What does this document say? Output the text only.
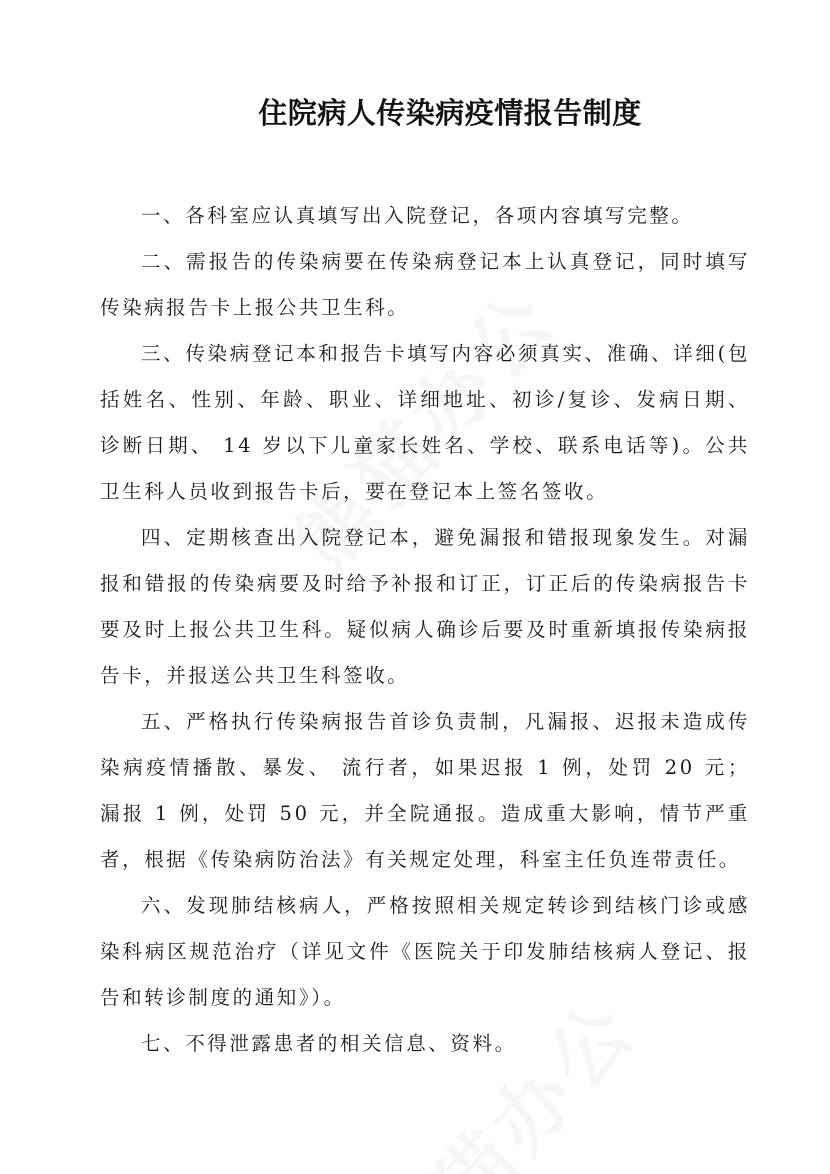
住院病人传染病疫情报告制度

一、各科室应认真填写出入院登记，各项内容填写完整。

二、需报告的传染病要在传染病登记本上认真登记，同时填写传染病报告卡上报公共卫生科。

三、传染病登记本和报告卡填写内容必须真实、准确、详细(包括姓名、性别、年龄、职业、详细地址、初诊/复诊、发病日期、诊断日期、 14 岁以下儿童家长姓名、学校、联系电话等)。公共卫生科人员收到报告卡后，要在登记本上签名签收。

四、定期核查出入院登记本，避免漏报和错报现象发生。对漏报和错报的传染病要及时给予补报和订正，订正后的传染病报告卡要及时上报公共卫生科。疑似病人确诊后要及时重新填报传染病报告卡，并报送公共卫生科签收。

五、严格执行传染病报告首诊负责制，凡漏报、迟报未造成传染病疫情播散、暴发、 流行者，如果迟报 1 例，处罚 20 元； 漏报 1 例，处罚 50 元，并全院通报。造成重大影响，情节严重者，根据《传染病防治法》有关规定处理，科室主任负连带责任。

六、发现肺结核病人，严格按照相关规定转诊到结核门诊或感染科病区规范治疗（详见文件《医院关于印发肺结核病人登记、报告和转诊制度的通知》）。

七、不得泄露患者的相关信息、资料。
